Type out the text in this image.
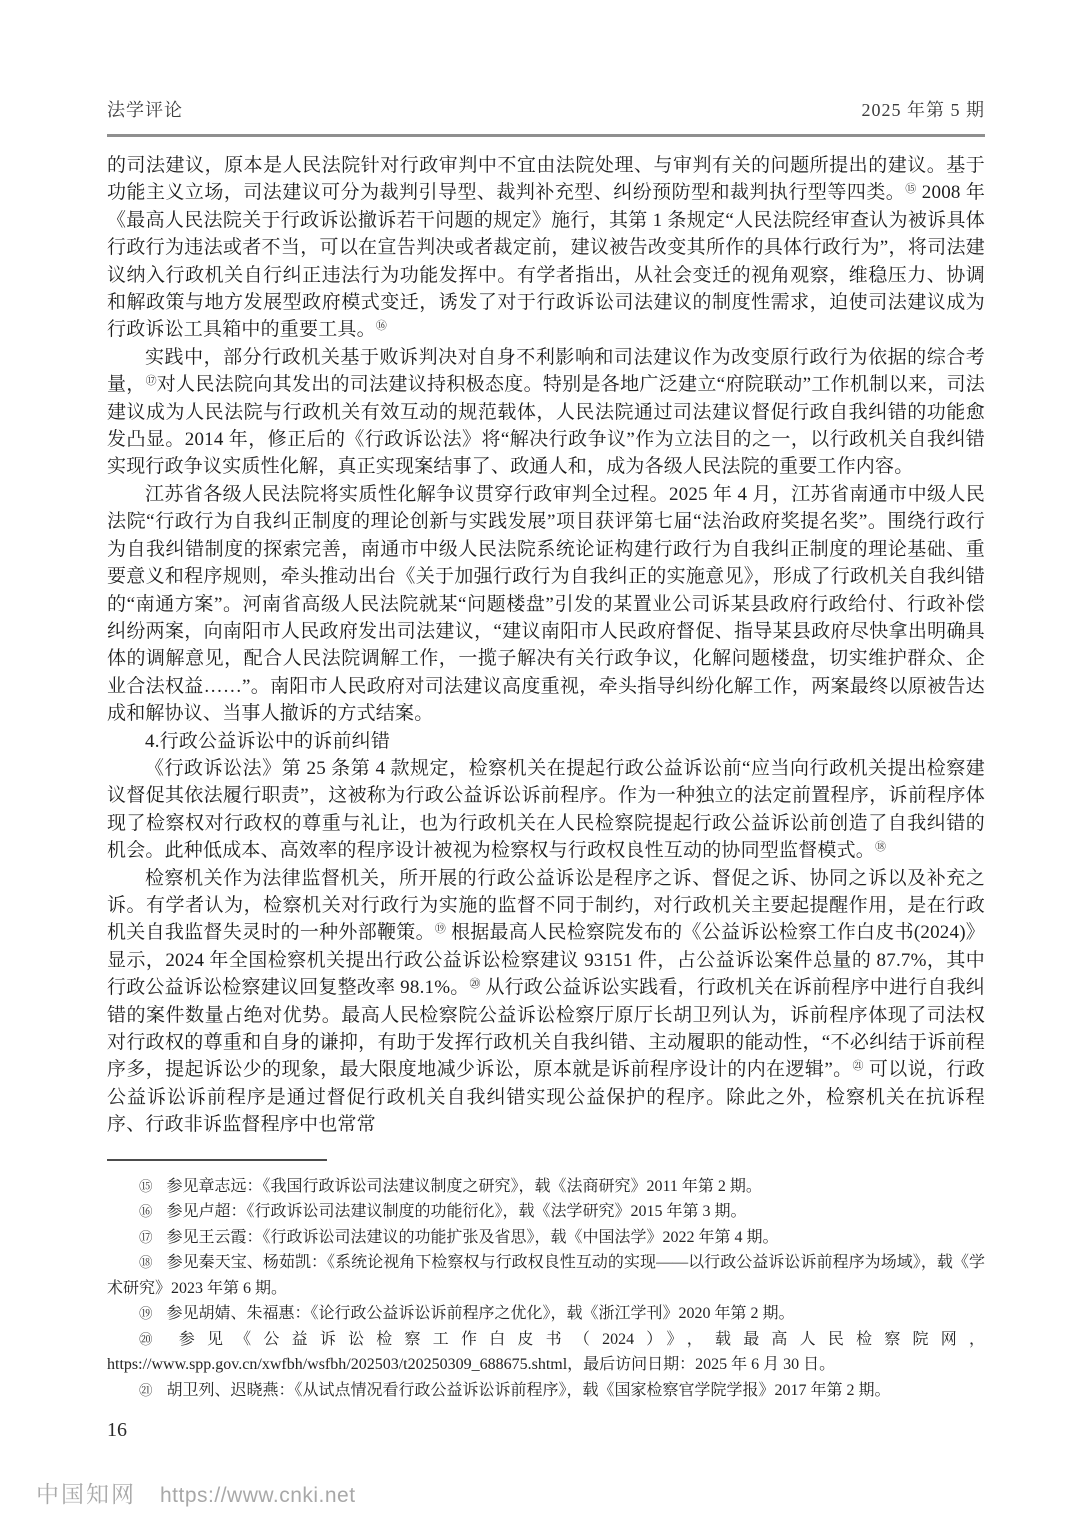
法学评论	2025 年第 5 期

的司法建议，原本是人民法院针对行政审判中不宜由法院处理、与审判有关的问题所提出的建议。基于功能主义立场，司法建议可分为裁判引导型、裁判补充型、纠纷预防型和裁判执行型等四类。⑮ 2008 年《最高人民法院关于行政诉讼撤诉若干问题的规定》施行，其第 1 条规定“人民法院经审查认为被诉具体行政行为违法或者不当，可以在宣告判决或者裁定前，建议被告改变其所作的具体行政行为”，将司法建议纳入行政机关自行纠正违法行为功能发挥中。有学者指出，从社会变迁的视角观察，维稳压力、协调和解政策与地方发展型政府模式变迁，诱发了对于行政诉讼司法建议的制度性需求，迫使司法建议成为行政诉讼工具箱中的重要工具。⑯

实践中，部分行政机关基于败诉判决对自身不利影响和司法建议作为改变原行政行为依据的综合考量，⑰对人民法院向其发出的司法建议持积极态度。特别是各地广泛建立“府院联动”工作机制以来，司法建议成为人民法院与行政机关有效互动的规范载体，人民法院通过司法建议督促行政自我纠错的功能愈发凸显。2014 年，修正后的《行政诉讼法》将“解决行政争议”作为立法目的之一，以行政机关自我纠错实现行政争议实质性化解，真正实现案结事了、政通人和，成为各级人民法院的重要工作内容。

江苏省各级人民法院将实质性化解争议贯穿行政审判全过程。2025 年 4 月，江苏省南通市中级人民法院“行政行为自我纠正制度的理论创新与实践发展”项目获评第七届“法治政府奖提名奖”。围绕行政行为自我纠错制度的探索完善，南通市中级人民法院系统论证构建行政行为自我纠正制度的理论基础、重要意义和程序规则，牵头推动出台《关于加强行政行为自我纠正的实施意见》，形成了行政机关自我纠错的“南通方案”。河南省高级人民法院就某“问题楼盘”引发的某置业公司诉某县政府行政给付、行政补偿纠纷两案，向南阳市人民政府发出司法建议，“建议南阳市人民政府督促、指导某县政府尽快拿出明确具体的调解意见，配合人民法院调解工作，一揽子解决有关行政争议，化解问题楼盘，切实维护群众、企业合法权益……”。南阳市人民政府对司法建议高度重视，牵头指导纠纷化解工作，两案最终以原被告达成和解协议、当事人撤诉的方式结案。

4.行政公益诉讼中的诉前纠错

《行政诉讼法》第 25 条第 4 款规定，检察机关在提起行政公益诉讼前“应当向行政机关提出检察建议督促其依法履行职责”，这被称为行政公益诉讼诉前程序。作为一种独立的法定前置程序，诉前程序体现了检察权对行政权的尊重与礼让，也为行政机关在人民检察院提起行政公益诉讼前创造了自我纠错的机会。此种低成本、高效率的程序设计被视为检察权与行政权良性互动的协同型监督模式。⑱

检察机关作为法律监督机关，所开展的行政公益诉讼是程序之诉、督促之诉、协同之诉以及补充之诉。有学者认为，检察机关对行政行为实施的监督不同于制约，对行政机关主要起提醒作用，是在行政机关自我监督失灵时的一种外部鞭策。⑲ 根据最高人民检察院发布的《公益诉讼检察工作白皮书(2024)》显示，2024 年全国检察机关提出行政公益诉讼检察建议 93151 件，占公益诉讼案件总量的 87.7%，其中行政公益诉讼检察建议回复整改率 98.1%。⑳ 从行政公益诉讼实践看，行政机关在诉前程序中进行自我纠错的案件数量占绝对优势。最高人民检察院公益诉讼检察厅原厅长胡卫列认为，诉前程序体现了司法权对行政权的尊重和自身的谦抑，有助于发挥行政机关自我纠错、主动履职的能动性，“不必纠结于诉前程序多，提起诉讼少的现象，最大限度地减少诉讼，原本就是诉前程序设计的内在逻辑”。$^㉑$ 可以说，行政公益诉讼诉前程序是通过督促行政机关自我纠错实现公益保护的程序。除此之外，检察机关在抗诉程序、行政非诉监督程序中也常常

⑮ 参见章志远：《我国行政诉讼司法建议制度之研究》，载《法商研究》2011 年第 2 期。

⑯ 参见卢超：《行政诉讼司法建议制度的功能衍化》，载《法学研究》2015 年第 3 期。

⑰ 参见王云霞：《行政诉讼司法建议的功能扩张及省思》，载《中国法学》2022 年第 4 期。

⑱ 参见秦天宝、杨茹凯：《系统论视角下检察权与行政权良性互动的实现——以行政公益诉讼诉前程序为场域》，载《学术研究》2023 年第 6 期。

⑲ 参见胡婧、朱福惠：《论行政公益诉讼诉前程序之优化》，载《浙江学刊》2020 年第 2 期。

⑳ 参见《公益诉讼检察工作白皮书（2024）》，载最高人民检察院网，https://www.spp.gov.cn/xwfbh/wsfbh/202503/t20250309_688675.shtml，最后访问日期：2025 年 6 月 30 日。

㉑ 胡卫列、迟晓燕：《从试点情况看行政公益诉讼诉前程序》，载《国家检察官学院学报》2017 年第 2 期。

16
中国知网 https://www.cnki.net
